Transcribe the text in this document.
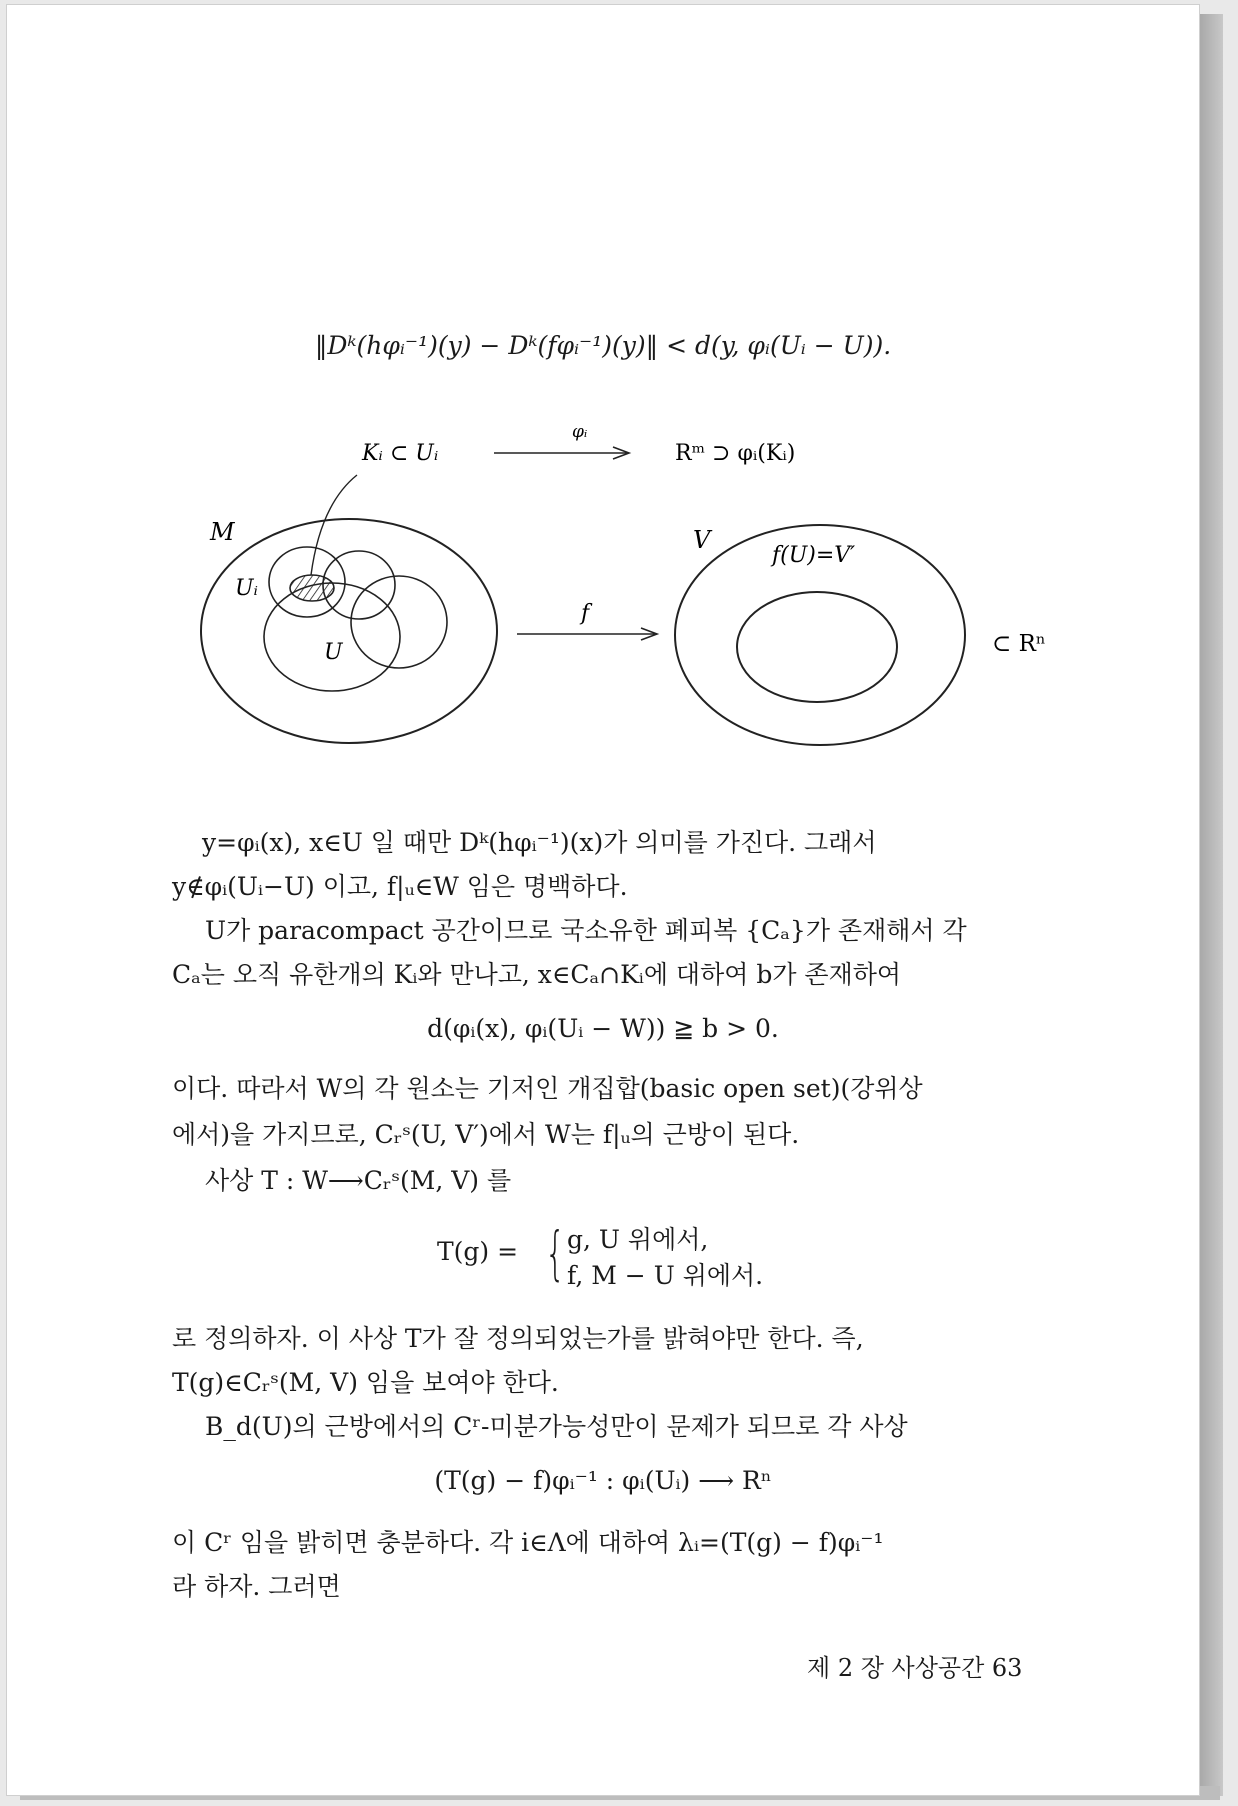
‖Dᵏ(hφᵢ⁻¹)(y) − Dᵏ(fφᵢ⁻¹)(y)‖ < d(y, φᵢ(Uᵢ − U)).
Kᵢ ⊂ Uᵢ
φᵢ
Rᵐ ⊃ φᵢ(Kᵢ)
M
Uᵢ
U
f
V
f(U)=V′
⊂ Rⁿ
y=φᵢ(x), x∈U 일 때만 Dᵏ(hφᵢ⁻¹)(x)가 의미를 가진다. 그래서
y∉φᵢ(Uᵢ−U) 이고, f|ᵤ∈W 임은 명백하다.
U가 paracompact 공간이므로 국소유한 폐피복 {Cₐ}가 존재해서 각
Cₐ는 오직 유한개의 Kᵢ와 만나고, x∈Cₐ∩Kᵢ에 대하여 b가 존재하여
d(φᵢ(x), φᵢ(Uᵢ − W)) ≧ b > 0.
이다. 따라서 W의 각 원소는 기저인 개집합(basic open set)(강위상
에서)을 가지므로, Cᵣˢ(U, V′)에서 W는 f|ᵤ의 근방이 된다.
사상 T : W⟶Cᵣˢ(M, V) 를
T(g) = { g, U 위에서,
f, M − U 위에서.
로 정의하자. 이 사상 T가 잘 정의되었는가를 밝혀야만 한다. 즉,
T(g)∈Cᵣˢ(M, V) 임을 보여야 한다.
B_d(U)의 근방에서의 Cʳ-미분가능성만이 문제가 되므로 각 사상
(T(g) − f)φᵢ⁻¹ : φᵢ(Uᵢ) ⟶ Rⁿ
이 Cʳ 임을 밝히면 충분하다. 각 i∈Λ에 대하여 λᵢ=(T(g) − f)φᵢ⁻¹
라 하자. 그러면
제 2 장 사상공간 63
